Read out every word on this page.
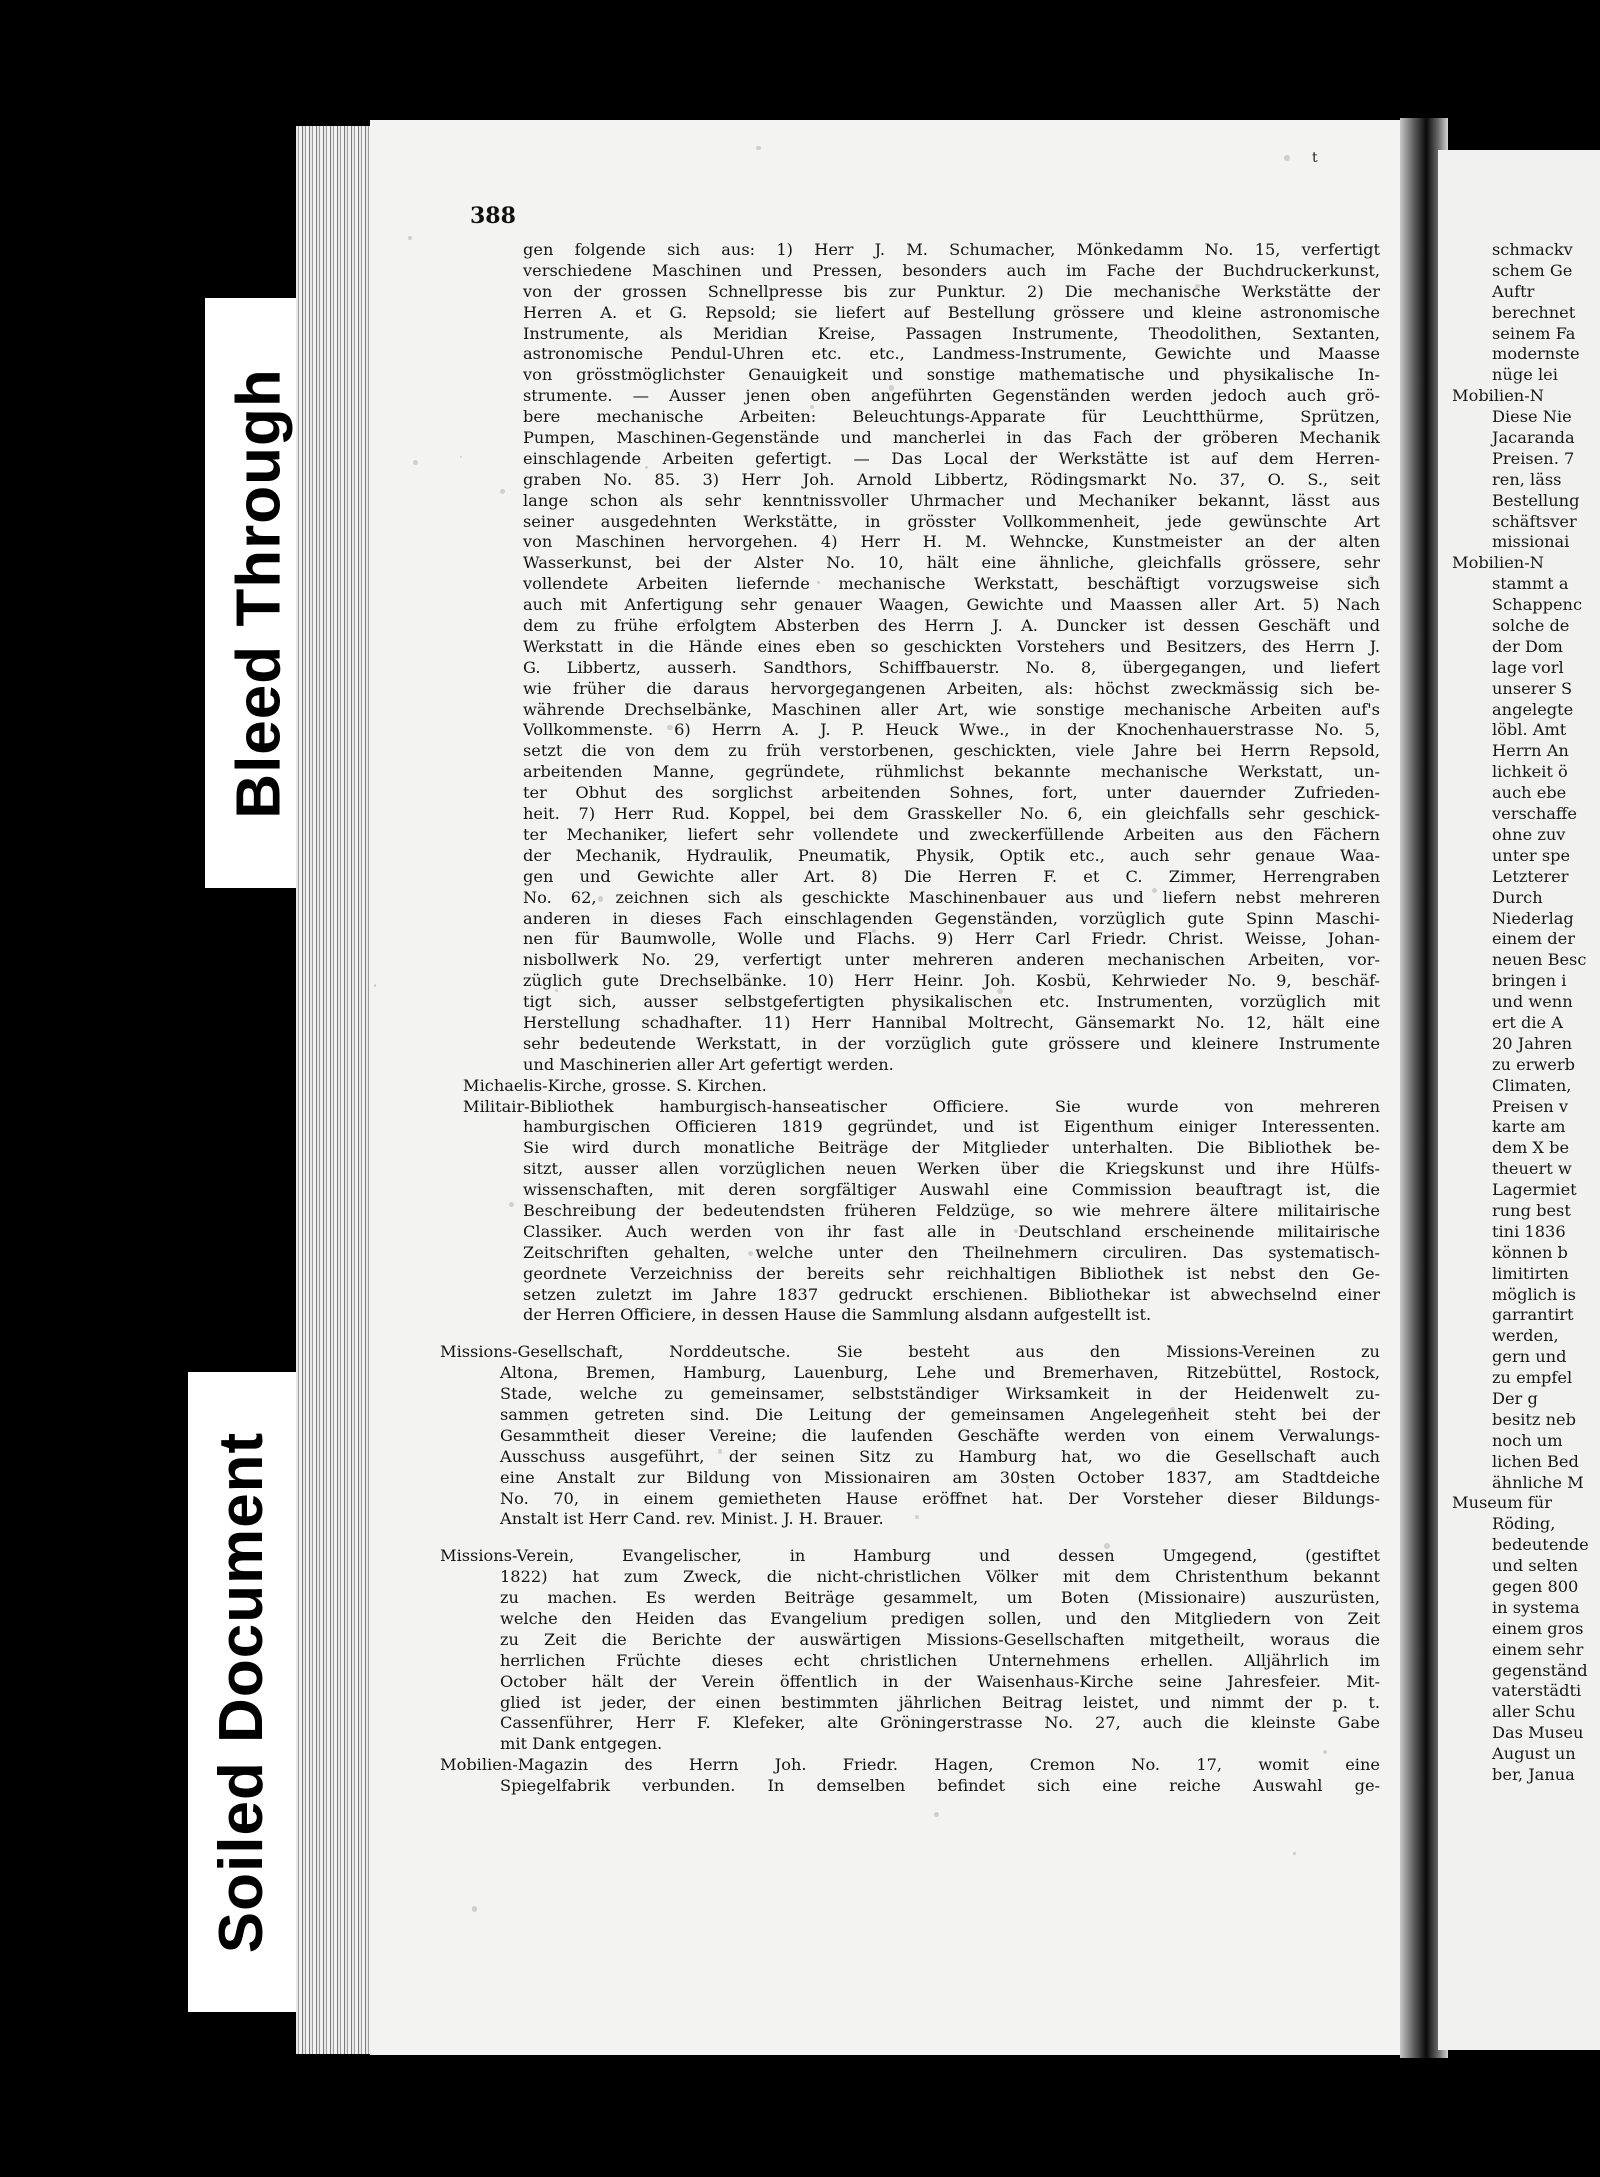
Bleed Through
Soiled Document
388
t
gen folgende sich aus: 1) Herr J. M. Schumacher, Mönkedamm No. 15, verfertigt
verschiedene Maschinen und Pressen, besonders auch im Fache der Buchdruckerkunst,
von der grossen Schnellpresse bis zur Punktur. 2) Die mechanische Werkstätte der
Herren A. et G. Repsold; sie liefert auf Bestellung grössere und kleine astronomische
Instrumente, als Meridian Kreise, Passagen Instrumente, Theodolithen, Sextanten,
astronomische Pendul-Uhren etc. etc., Landmess-Instrumente, Gewichte und Maasse
von grösstmöglichster Genauigkeit und sonstige mathematische und physikalische In-
strumente. — Ausser jenen oben angeführten Gegenständen werden jedoch auch grö-
bere mechanische Arbeiten: Beleuchtungs-Apparate für Leuchtthürme, Sprützen,
Pumpen, Maschinen-Gegenstände und mancherlei in das Fach der gröberen Mechanik
einschlagende Arbeiten gefertigt. — Das Local der Werkstätte ist auf dem Herren-
graben No. 85. 3) Herr Joh. Arnold Libbertz, Rödingsmarkt No. 37, O. S., seit
lange schon als sehr kenntnissvoller Uhrmacher und Mechaniker bekannt, lässt aus
seiner ausgedehnten Werkstätte, in grösster Vollkommenheit, jede gewünschte Art
von Maschinen hervorgehen. 4) Herr H. M. Wehncke, Kunstmeister an der alten
Wasserkunst, bei der Alster No. 10, hält eine ähnliche, gleichfalls grössere, sehr
vollendete Arbeiten liefernde mechanische Werkstatt, beschäftigt vorzugsweise sich
auch mit Anfertigung sehr genauer Waagen, Gewichte und Maassen aller Art. 5) Nach
dem zu frühe erfolgtem Absterben des Herrn J. A. Duncker ist dessen Geschäft und
Werkstatt in die Hände eines eben so geschickten Vorstehers und Besitzers, des Herrn J.
G. Libbertz, ausserh. Sandthors, Schiffbauerstr. No. 8, übergegangen, und liefert
wie früher die daraus hervorgegangenen Arbeiten, als: höchst zweckmässig sich be-
währende Drechselbänke, Maschinen aller Art, wie sonstige mechanische Arbeiten auf's
Vollkommenste. 6) Herrn A. J. P. Heuck Wwe., in der Knochenhauerstrasse No. 5,
setzt die von dem zu früh verstorbenen, geschickten, viele Jahre bei Herrn Repsold,
arbeitenden Manne, gegründete, rühmlichst bekannte mechanische Werkstatt, un-
ter Obhut des sorglichst arbeitenden Sohnes, fort, unter dauernder Zufrieden-
heit. 7) Herr Rud. Koppel, bei dem Grasskeller No. 6, ein gleichfalls sehr geschick-
ter Mechaniker, liefert sehr vollendete und zweckerfüllende Arbeiten aus den Fächern
der Mechanik, Hydraulik, Pneumatik, Physik, Optik etc., auch sehr genaue Waa-
gen und Gewichte aller Art. 8) Die Herren F. et C. Zimmer, Herrengraben
No. 62, zeichnen sich als geschickte Maschinenbauer aus und liefern nebst mehreren
anderen in dieses Fach einschlagenden Gegenständen, vorzüglich gute Spinn Maschi-
nen für Baumwolle, Wolle und Flachs. 9) Herr Carl Friedr. Christ. Weisse, Johan-
nisbollwerk No. 29, verfertigt unter mehreren anderen mechanischen Arbeiten, vor-
züglich gute Drechselbänke. 10) Herr Heinr. Joh. Kosbü, Kehrwieder No. 9, beschäf-
tigt sich, ausser selbstgefertigten physikalischen etc. Instrumenten, vorzüglich mit
Herstellung schadhafter. 11) Herr Hannibal Moltrecht, Gänsemarkt No. 12, hält eine
sehr bedeutende Werkstatt, in der vorzüglich gute grössere und kleinere Instrumente
und Maschinerien aller Art gefertigt werden.
Michaelis-Kirche, grosse. S. Kirchen.
Militair-Bibliothek hamburgisch-hanseatischer Officiere. Sie wurde von mehreren
hamburgischen Officieren 1819 gegründet, und ist Eigenthum einiger Interessenten.
Sie wird durch monatliche Beiträge der Mitglieder unterhalten. Die Bibliothek be-
sitzt, ausser allen vorzüglichen neuen Werken über die Kriegskunst und ihre Hülfs-
wissenschaften, mit deren sorgfältiger Auswahl eine Commission beauftragt ist, die
Beschreibung der bedeutendsten früheren Feldzüge, so wie mehrere ältere militairische
Classiker. Auch werden von ihr fast alle in Deutschland erscheinende militairische
Zeitschriften gehalten, welche unter den Theilnehmern circuliren. Das systematisch-
geordnete Verzeichniss der bereits sehr reichhaltigen Bibliothek ist nebst den Ge-
setzen zuletzt im Jahre 1837 gedruckt erschienen. Bibliothekar ist abwechselnd einer
der Herren Officiere, in dessen Hause die Sammlung alsdann aufgestellt ist.
Missions-Gesellschaft, Norddeutsche. Sie besteht aus den Missions-Vereinen zu
Altona, Bremen, Hamburg, Lauenburg, Lehe und Bremerhaven, Ritzebüttel, Rostock,
Stade, welche zu gemeinsamer, selbstständiger Wirksamkeit in der Heidenwelt zu-
sammen getreten sind. Die Leitung der gemeinsamen Angelegenheit steht bei der
Gesammtheit dieser Vereine; die laufenden Geschäfte werden von einem Verwalungs-
Ausschuss ausgeführt, der seinen Sitz zu Hamburg hat, wo die Gesellschaft auch
eine Anstalt zur Bildung von Missionairen am 30sten October 1837, am Stadtdeiche
No. 70, in einem gemietheten Hause eröffnet hat. Der Vorsteher dieser Bildungs-
Anstalt ist Herr Cand. rev. Minist. J. H. Brauer.
Missions-Verein, Evangelischer, in Hamburg und dessen Umgegend, (gestiftet
1822) hat zum Zweck, die nicht-christlichen Völker mit dem Christenthum bekannt
zu machen. Es werden Beiträge gesammelt, um Boten (Missionaire) auszurüsten,
welche den Heiden das Evangelium predigen sollen, und den Mitgliedern von Zeit
zu Zeit die Berichte der auswärtigen Missions-Gesellschaften mitgetheilt, woraus die
herrlichen Früchte dieses echt christlichen Unternehmens erhellen. Alljährlich im
October hält der Verein öffentlich in der Waisenhaus-Kirche seine Jahresfeier. Mit-
glied ist jeder, der einen bestimmten jährlichen Beitrag leistet, und nimmt der p. t.
Cassenführer, Herr F. Klefeker, alte Gröningerstrasse No. 27, auch die kleinste Gabe
mit Dank entgegen.
Mobilien-Magazin des Herrn Joh. Friedr. Hagen, Cremon No. 17, womit eine
Spiegelfabrik verbunden. In demselben befindet sich eine reiche Auswahl ge-
schmackv
schem Ge
Auftr
berechnet
seinem Fa
modernste
nüge lei
Mobilien-N
Diese Nie
Jacaranda
Preisen. 7
ren, läss
Bestellung
schäftsver
missionai
Mobilien-N
stammt a
Schappenc
solche de
der Dom
lage vorl
unserer S
angelegte
löbl. Amt
Herrn An
lichkeit ö
auch ebe
verschaffe
ohne zuv
unter spe
Letzterer
Durch
Niederlag
einem der
neuen Besc
bringen i
und wenn
ert die A
20 Jahren
zu erwerb
Climaten,
Preisen v
karte am
dem X be
theuert w
Lagermiet
rung best
tini 1836
können b
limitirten
möglich is
garrantirt
werden,
gern und
zu empfel
Der g
besitz neb
noch um
lichen Bed
ähnliche M
Museum für
Röding,
bedeutende
und selten
gegen 800
in systema
einem gros
einem sehr
gegenständ
vaterstädti
aller Schu
Das Museu
August un
ber, Janua
